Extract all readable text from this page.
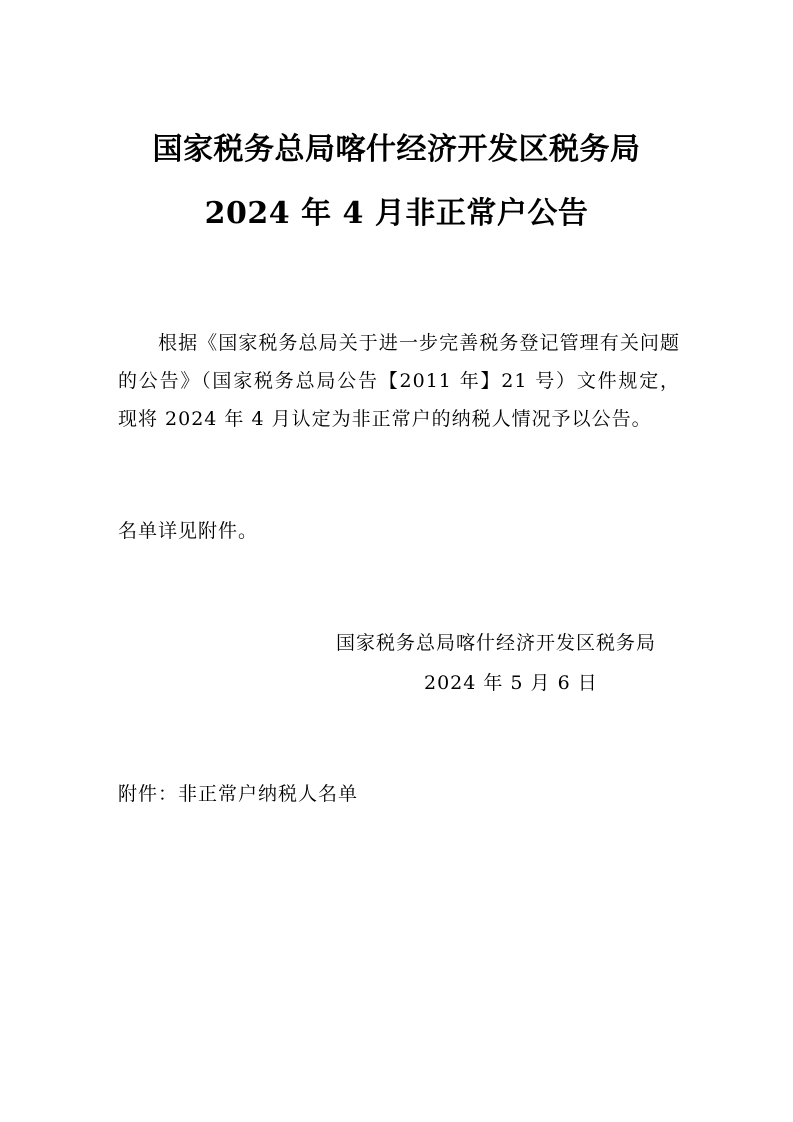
国家税务总局喀什经济开发区税务局
2024 年 4 月非正常户公告

根据《国家税务总局关于进一步完善税务登记管理有关问题的公告》（国家税务总局公告【2011 年】21 号）文件规定，现将 2024 年 4 月认定为非正常户的纳税人情况予以公告。

名单详见附件。

国家税务总局喀什经济开发区税务局
2024 年 5 月 6 日

附件：非正常户纳税人名单
